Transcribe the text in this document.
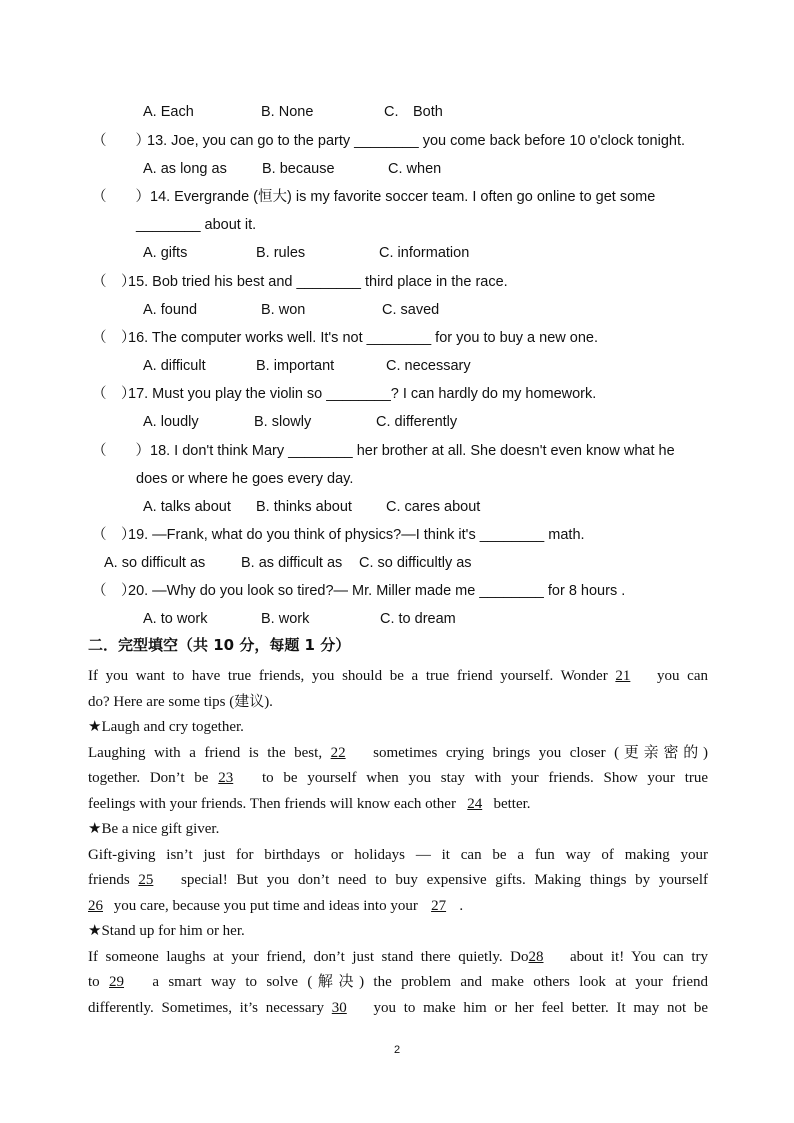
A. Each	B. None	C.　Both
（　　）
13. Joe, you can go to the party ________ you come back before 10 o'clock tonight.
A. as long as B. because	C. when
（　　） 14. Evergrande (恒大) is my favorite soccer team. I often go online to get some
________ about it.
A. gifts	B. rules	C. information
（　）
15. Bob tried his best and ________ third place in the race.
A. found	B. won	C. saved
（　）
16. The computer works well. It's not ________ for you to buy a new one.
A. difficult	B. important	C. necessary
（　）
17. Must you play the violin so ________? I can hardly do my homework.
A. loudly	B. slowly	C. differently
（　　） 18. I don't think Mary ________ her brother at all. She doesn't even know what he
does or where he goes every day.
A. talks about B. thinks about C. cares about
（　）
19. —Frank, what do you think of physics?—I think it's ________ math.
A. so difficult as B. as difficult as C. so difficultly as
（　）
20. —Why do you look so tired?— Mr. Miller made me ________ for 8 hours .
A. to work	B. work	C. to dream
二．完型填空（共 10 分，每题 1 分）
If you want to have true friends, you should be a true friend yourself. Wonder 21 you can
do? Here are some tips (建议).
★Laugh and cry together.
Laughing with a friend is the best, 22 sometimes crying brings you closer (更亲密的)
together. Don’t be 23 to be yourself when you stay with your friends. Show your true
feelings with your friends. Then friends will know each other 24 better.
★Be a nice gift giver.
Gift-giving isn’t just for birthdays or holidays — it can be a fun way of making your
friends 25 special! But you don’t need to buy expensive gifts. Making things by yourself
26 you care, because you put time and ideas into your 27 .
★Stand up for him or her.
If someone laughs at your friend, don’t just stand there quietly. Do28 about it! You can try
to 29 a smart way to solve (解决) the problem and make others look at your friend
differently. Sometimes, it’s necessary 30 you to make him or her feel better. It may not be
2
